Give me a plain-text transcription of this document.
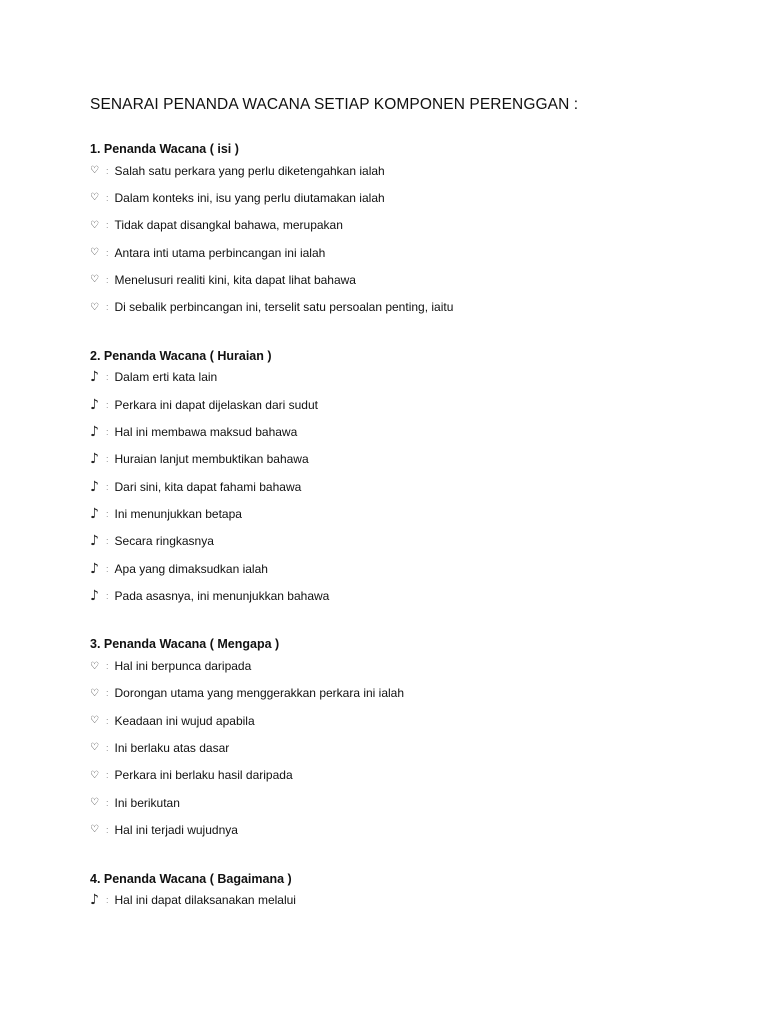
SENARAI PENANDA WACANA SETIAP KOMPONEN PERENGGAN :
1. Penanda Wacana ( isi )
♡ : Salah satu perkara yang perlu diketengahkan ialah
♡ : Dalam konteks ini, isu yang perlu diutamakan ialah
♡ : Tidak dapat disangkal bahawa, merupakan
♡ : Antara inti utama perbincangan ini ialah
♡ : Menelusuri realiti kini, kita dapat lihat bahawa
♡ : Di sebalik perbincangan ini, terselit satu persoalan penting, iaitu
2. Penanda Wacana ( Huraian )
♪ : Dalam erti kata lain
♪ : Perkara ini dapat dijelaskan dari sudut
♪ : Hal ini membawa maksud bahawa
♪ : Huraian lanjut membuktikan bahawa
♪ : Dari sini, kita dapat fahami bahawa
♪ : Ini menunjukkan betapa
♪ : Secara ringkasnya
♪ : Apa yang dimaksudkan ialah
♪ : Pada asasnya, ini menunjukkan bahawa
3. Penanda Wacana ( Mengapa )
♡ : Hal ini berpunca daripada
♡ : Dorongan utama yang menggerakkan perkara ini ialah
♡ : Keadaan ini wujud apabila
♡ : Ini berlaku atas dasar
♡ : Perkara ini berlaku hasil daripada
♡ : Ini berikutan
♡ : Hal ini terjadi wujudnya
4. Penanda Wacana ( Bagaimana )
♪ : Hal ini dapat dilaksanakan melalui
